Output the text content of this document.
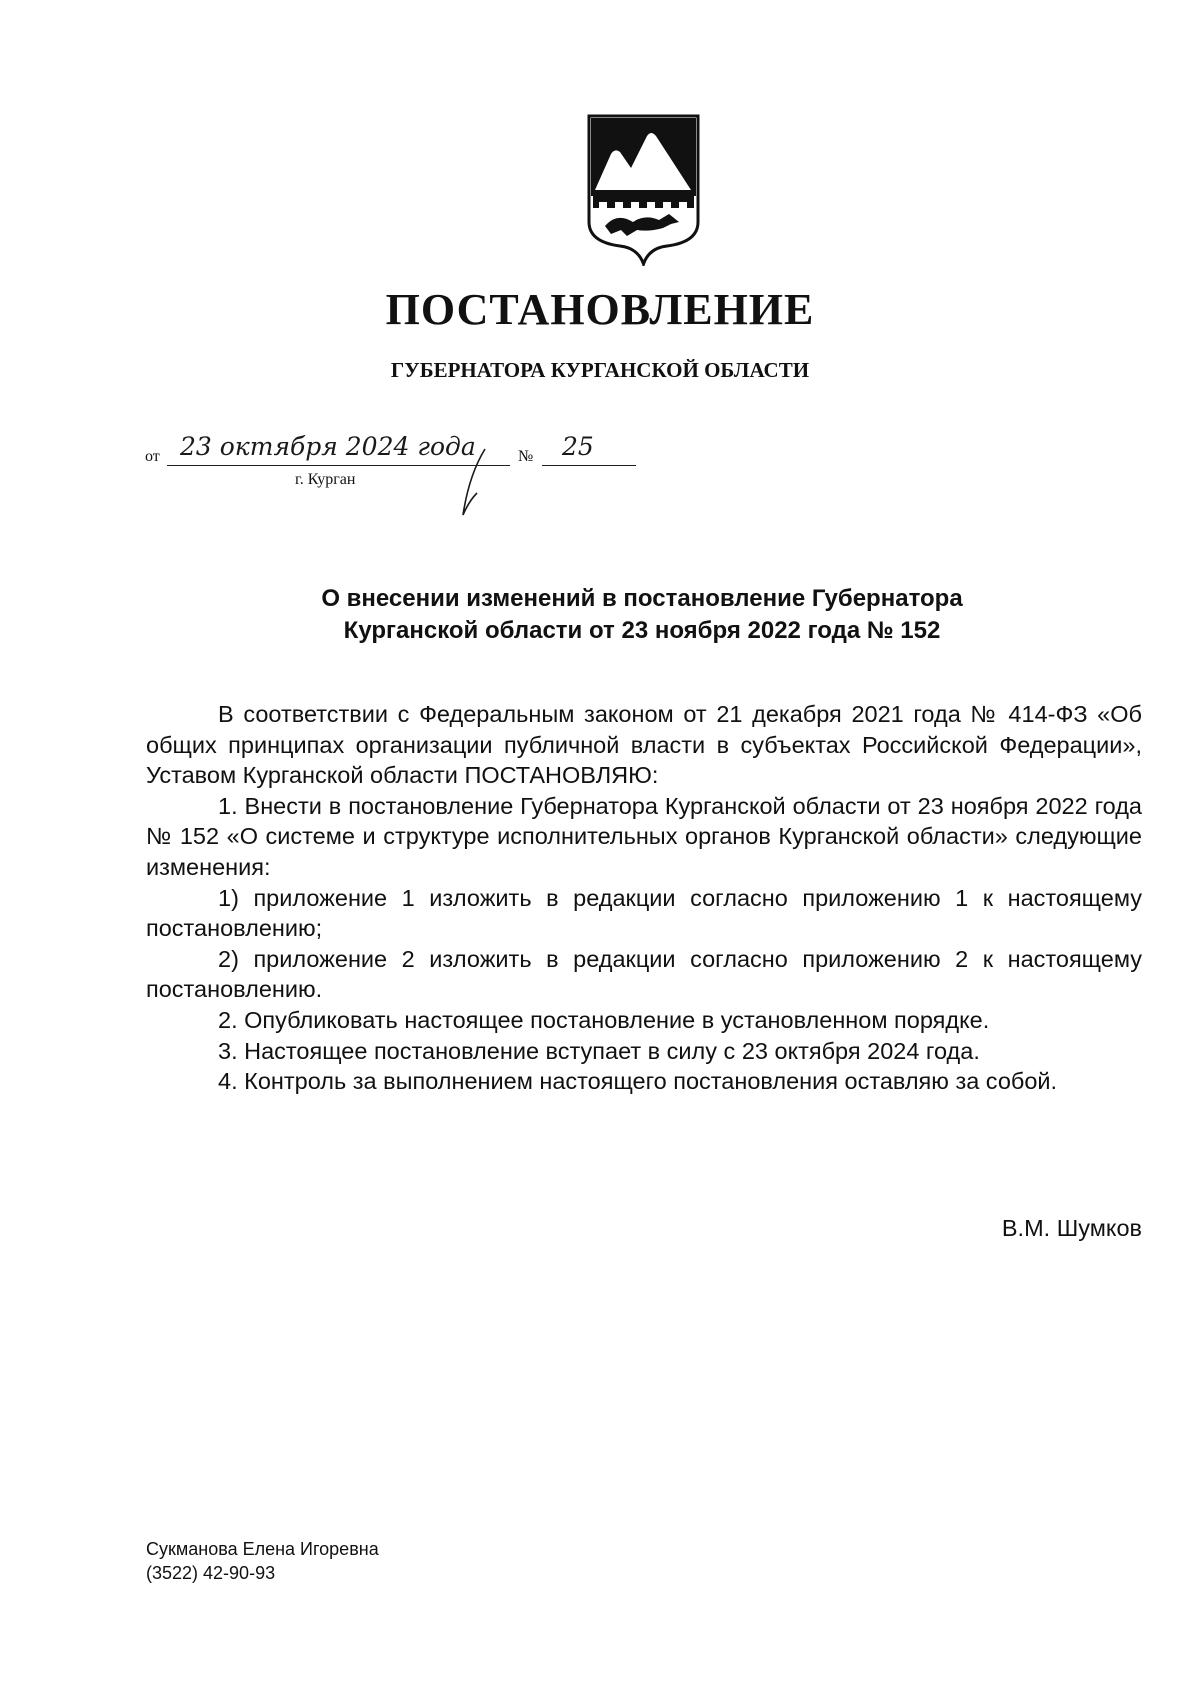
ПОСТАНОВЛЕНИЕ
ГУБЕРНАТОРА КУРГАНСКОЙ ОБЛАСТИ
от 23 октября 2024 года	№ 25
г. Курган
О внесении изменений в постановление Губернатора
Курганской области от 23 ноября 2022 года № 152

В соответствии с Федеральным законом от 21 декабря 2021 года № 414-ФЗ «Об общих принципах организации публичной власти в субъектах Российской Федерации», Уставом Курганской области ПОСТАНОВЛЯЮ:

1. Внести в постановление Губернатора Курганской области от 23 ноября 2022 года № 152 «О системе и структуре исполнительных органов Курганской области» следующие изменения:

1) приложение 1 изложить в редакции согласно приложению 1 к настоящему постановлению;

2) приложение 2 изложить в редакции согласно приложению 2 к настоящему постановлению.

2. Опубликовать настоящее постановление в установленном порядке.

3. Настоящее постановление вступает в силу с 23 октября 2024 года.

4. Контроль за выполнением настоящего постановления оставляю за собой.

В.М. Шумков
Сукманова Елена Игоревна
(3522) 42-90-93
